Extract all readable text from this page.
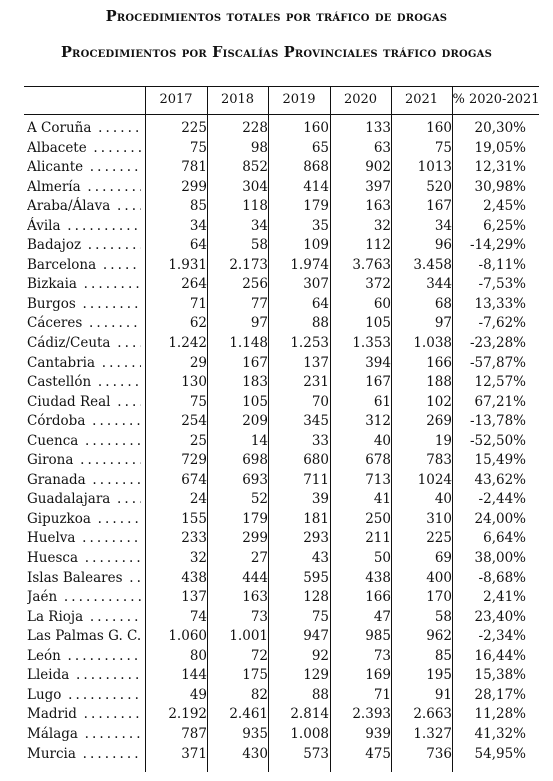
Procedimientos totales por tráfico de drogas
Procedimientos por Fiscalías Provinciales tráfico drogas
2017	2018	2019	2020	2021	% 2020-2021
A Coruña . . .	225	228	160	133	160 20,30%
Albacete . . .	75	98	65	63	75 19,05%
Alicante . . .	781	852	868	902 1013 12,31%
Almería . . .	299	304	414	397	520 30,98%
Araba/Álava . . .	85	118	179	163	167 2,45%
Ávila . . .	34	34	35	32	34 6,25%
Badajoz . . .	64	58	109	112	96 -14,29%
Barcelona . . .	1.931 2.173 1.974 3.763 3.458 -8,11%
Bizkaia . . .	264	256	307	372	344 -7,53%
Burgos . . .	71	77	64	60	68 13,33%
Cáceres . . .	62	97	88	105	97 -7,62%
Cádiz/Ceuta . . .	1.242 1.148 1.253 1.353 1.038 -23,28%
Cantabria . . .	29	167	137	394	166 -57,87%
Castellón . . .	130	183	231	167	188 12,57%
Ciudad Real . . .	75	105	70	61	102 67,21%
Córdoba . . .	254	209	345	312	269 -13,78%
Cuenca . . .	25	14	33	40	19 -52,50%
Girona . . .	729	698	680	678	783 15,49%
Granada . . .	674	693	711	713 1024 43,62%
Guadalajara . . .	24	52	39	41	40 -2,44%
Gipuzkoa . . .	155	179	181	250	310 24,00%
Huelva . . .	233	299	293	211	225 6,64%
Huesca . . .	32	27	43	50	69 38,00%
Islas Baleares . . .	438	444	595	438	400 -8,68%
Jaén . . .	137	163	128	166	170 2,41%
La Rioja . . .	74	73	75	47	58 23,40%
Las Palmas G. C. . . . 1.060 1.001	947	985	962 -2,34%
León . . .	80	72	92	73	85 16,44%
Lleida . . .	144	175	129	169	195 15,38%
Lugo . . .	49	82	88	71	91 28,17%
Madrid . . .	2.192 2.461 2.814 2.393 2.663 11,28%
Málaga . . .	787	935 1.008	939 1.327 41,32%
Murcia . . .	371	430	573	475	736 54,95%
